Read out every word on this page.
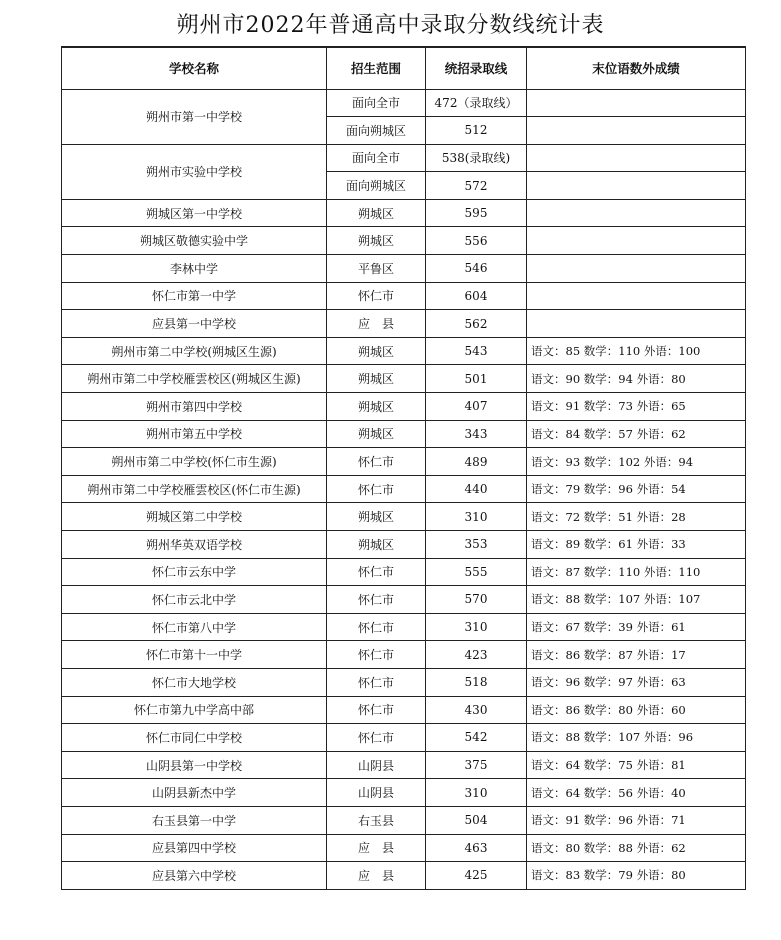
朔州市2022年普通高中录取分数线统计表
学校名称	招生范围	统招录取线	末位语数外成绩
朔州市第一中学校	面向全市	472（录取线）	
	面向朔城区	512	
朔州市实验中学校	面向全市	538(录取线)	
	面向朔城区	572	
朔城区第一中学校	朔城区	595	
朔城区敬德实验中学	朔城区	556	
李林中学	平鲁区	546	
怀仁市第一中学	怀仁市	604	
应县第一中学校	应　县	562	
朔州市第二中学校(朔城区生源)	朔城区	543	语文：85 数学：110 外语：100
朔州市第二中学校雁雲校区(朔城区生源)	朔城区	501	语文：90 数学：94 外语：80
朔州市第四中学校	朔城区	407	语文：91 数学：73 外语：65
朔州市第五中学校	朔城区	343	语文：84 数学：57 外语：62
朔州市第二中学校(怀仁市生源)	怀仁市	489	语文：93 数学：102 外语：94
朔州市第二中学校雁雲校区(怀仁市生源)	怀仁市	440	语文：79 数学：96 外语：54
朔城区第二中学校	朔城区	310	语文：72 数学：51 外语：28
朔州华英双语学校	朔城区	353	语文：89 数学：61 外语：33
怀仁市云东中学	怀仁市	555	语文：87 数学：110 外语：110
怀仁市云北中学	怀仁市	570	语文：88 数学：107 外语：107
怀仁市第八中学	怀仁市	310	语文：67 数学：39 外语：61
怀仁市第十一中学	怀仁市	423	语文：86 数学：87 外语：17
怀仁市大地学校	怀仁市	518	语文：96 数学：97 外语：63
怀仁市第九中学高中部	怀仁市	430	语文：86 数学：80 外语：60
怀仁市同仁中学校	怀仁市	542	语文：88 数学：107 外语：96
山阴县第一中学校	山阴县	375	语文：64 数学：75 外语：81
山阴县新杰中学	山阴县	310	语文：64 数学：56 外语：40
右玉县第一中学	右玉县	504	语文：91 数学：96 外语：71
应县第四中学校	应　县	463	语文：80 数学：88 外语：62
应县第六中学校	应　县	425	语文：83 数学：79 外语：80
